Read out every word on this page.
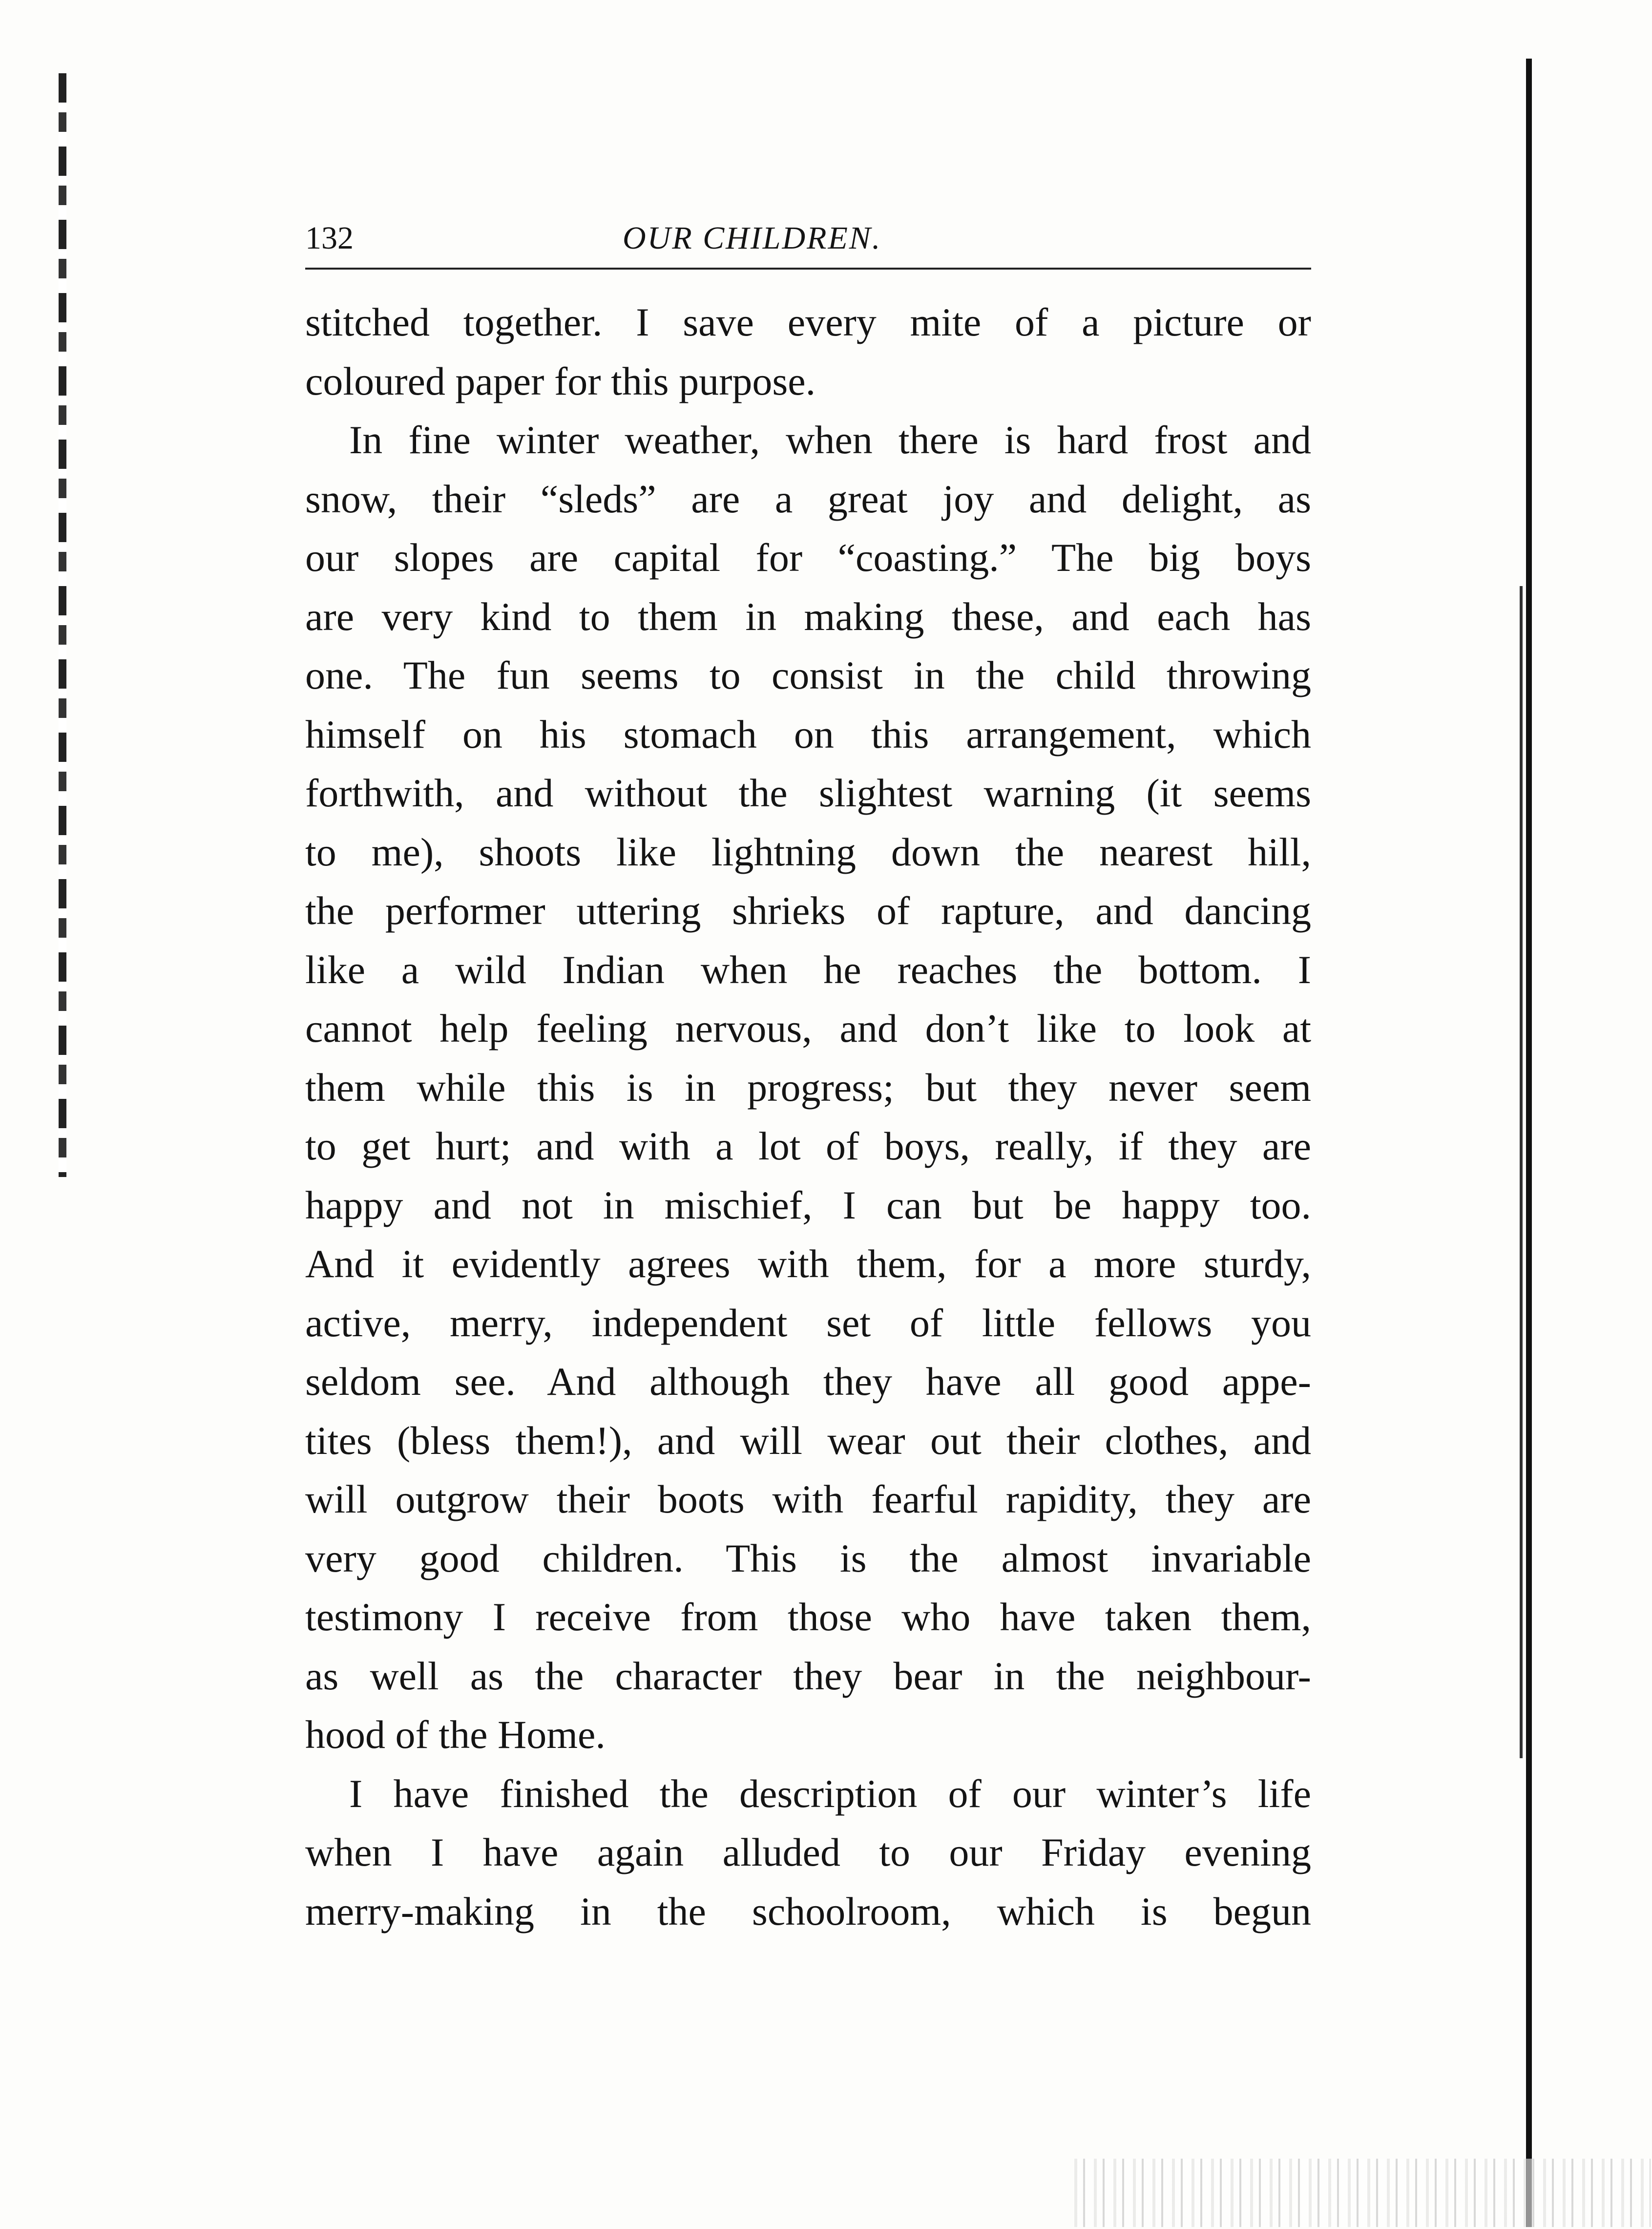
132	OUR CHILDREN.
stitched together. I save every mite of a picture or
coloured paper for this purpose.
In fine winter weather, when there is hard frost and
snow, their “sleds” are a great joy and delight, as
our slopes are capital for “coasting.” The big boys
are very kind to them in making these, and each has
one. The fun seems to consist in the child throwing
himself on his stomach on this arrangement, which
forthwith, and without the slightest warning (it seems
to me), shoots like lightning down the nearest hill,
the performer uttering shrieks of rapture, and dancing
like a wild Indian when he reaches the bottom. I
cannot help feeling nervous, and don’t like to look at
them while this is in progress; but they never seem
to get hurt; and with a lot of boys, really, if they are
happy and not in mischief, I can but be happy too.
And it evidently agrees with them, for a more sturdy,
active, merry, independent set of little fellows you
seldom see. And although they have all good appe-
tites (bless them!), and will wear out their clothes, and
will outgrow their boots with fearful rapidity, they are
very good children. This is the almost invariable
testimony I receive from those who have taken them,
as well as the character they bear in the neighbour-
hood of the Home.
I have finished the description of our winter’s life
when I have again alluded to our Friday evening
merry-making in the schoolroom, which is begun
